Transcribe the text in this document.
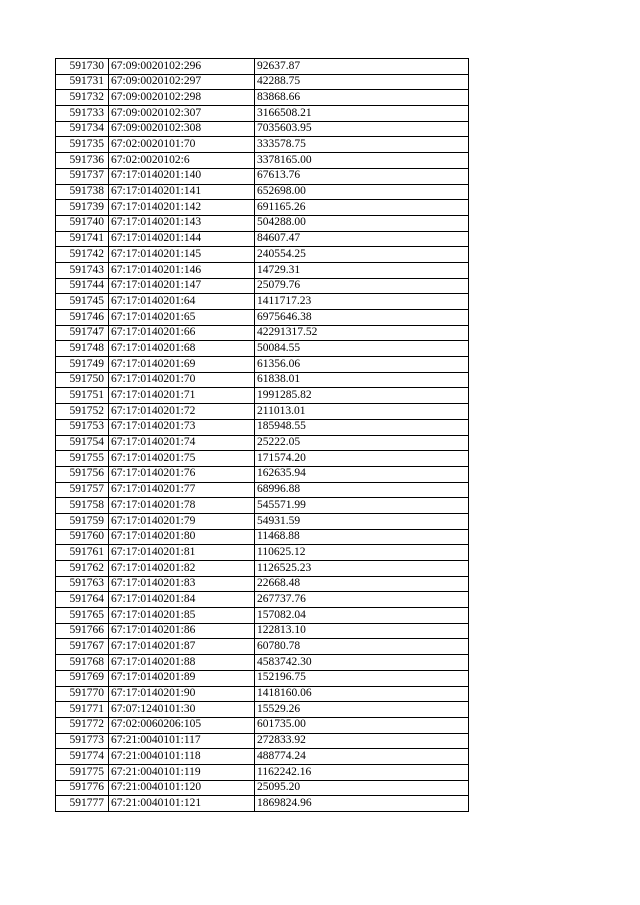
591730	67:09:0020102:296	92637.87
591731	67:09:0020102:297	42288.75
591732	67:09:0020102:298	83868.66
591733	67:09:0020102:307	3166508.21
591734	67:09:0020102:308	7035603.95
591735	67:02:0020101:70	333578.75
591736	67:02:0020102:6	3378165.00
591737	67:17:0140201:140	67613.76
591738	67:17:0140201:141	652698.00
591739	67:17:0140201:142	691165.26
591740	67:17:0140201:143	504288.00
591741	67:17:0140201:144	84607.47
591742	67:17:0140201:145	240554.25
591743	67:17:0140201:146	14729.31
591744	67:17:0140201:147	25079.76
591745	67:17:0140201:64	1411717.23
591746	67:17:0140201:65	6975646.38
591747	67:17:0140201:66	42291317.52
591748	67:17:0140201:68	50084.55
591749	67:17:0140201:69	61356.06
591750	67:17:0140201:70	61838.01
591751	67:17:0140201:71	1991285.82
591752	67:17:0140201:72	211013.01
591753	67:17:0140201:73	185948.55
591754	67:17:0140201:74	25222.05
591755	67:17:0140201:75	171574.20
591756	67:17:0140201:76	162635.94
591757	67:17:0140201:77	68996.88
591758	67:17:0140201:78	545571.99
591759	67:17:0140201:79	54931.59
591760	67:17:0140201:80	11468.88
591761	67:17:0140201:81	110625.12
591762	67:17:0140201:82	1126525.23
591763	67:17:0140201:83	22668.48
591764	67:17:0140201:84	267737.76
591765	67:17:0140201:85	157082.04
591766	67:17:0140201:86	122813.10
591767	67:17:0140201:87	60780.78
591768	67:17:0140201:88	4583742.30
591769	67:17:0140201:89	152196.75
591770	67:17:0140201:90	1418160.06
591771	67:07:1240101:30	15529.26
591772	67:02:0060206:105	601735.00
591773	67:21:0040101:117	272833.92
591774	67:21:0040101:118	488774.24
591775	67:21:0040101:119	1162242.16
591776	67:21:0040101:120	25095.20
591777	67:21:0040101:121	1869824.96
